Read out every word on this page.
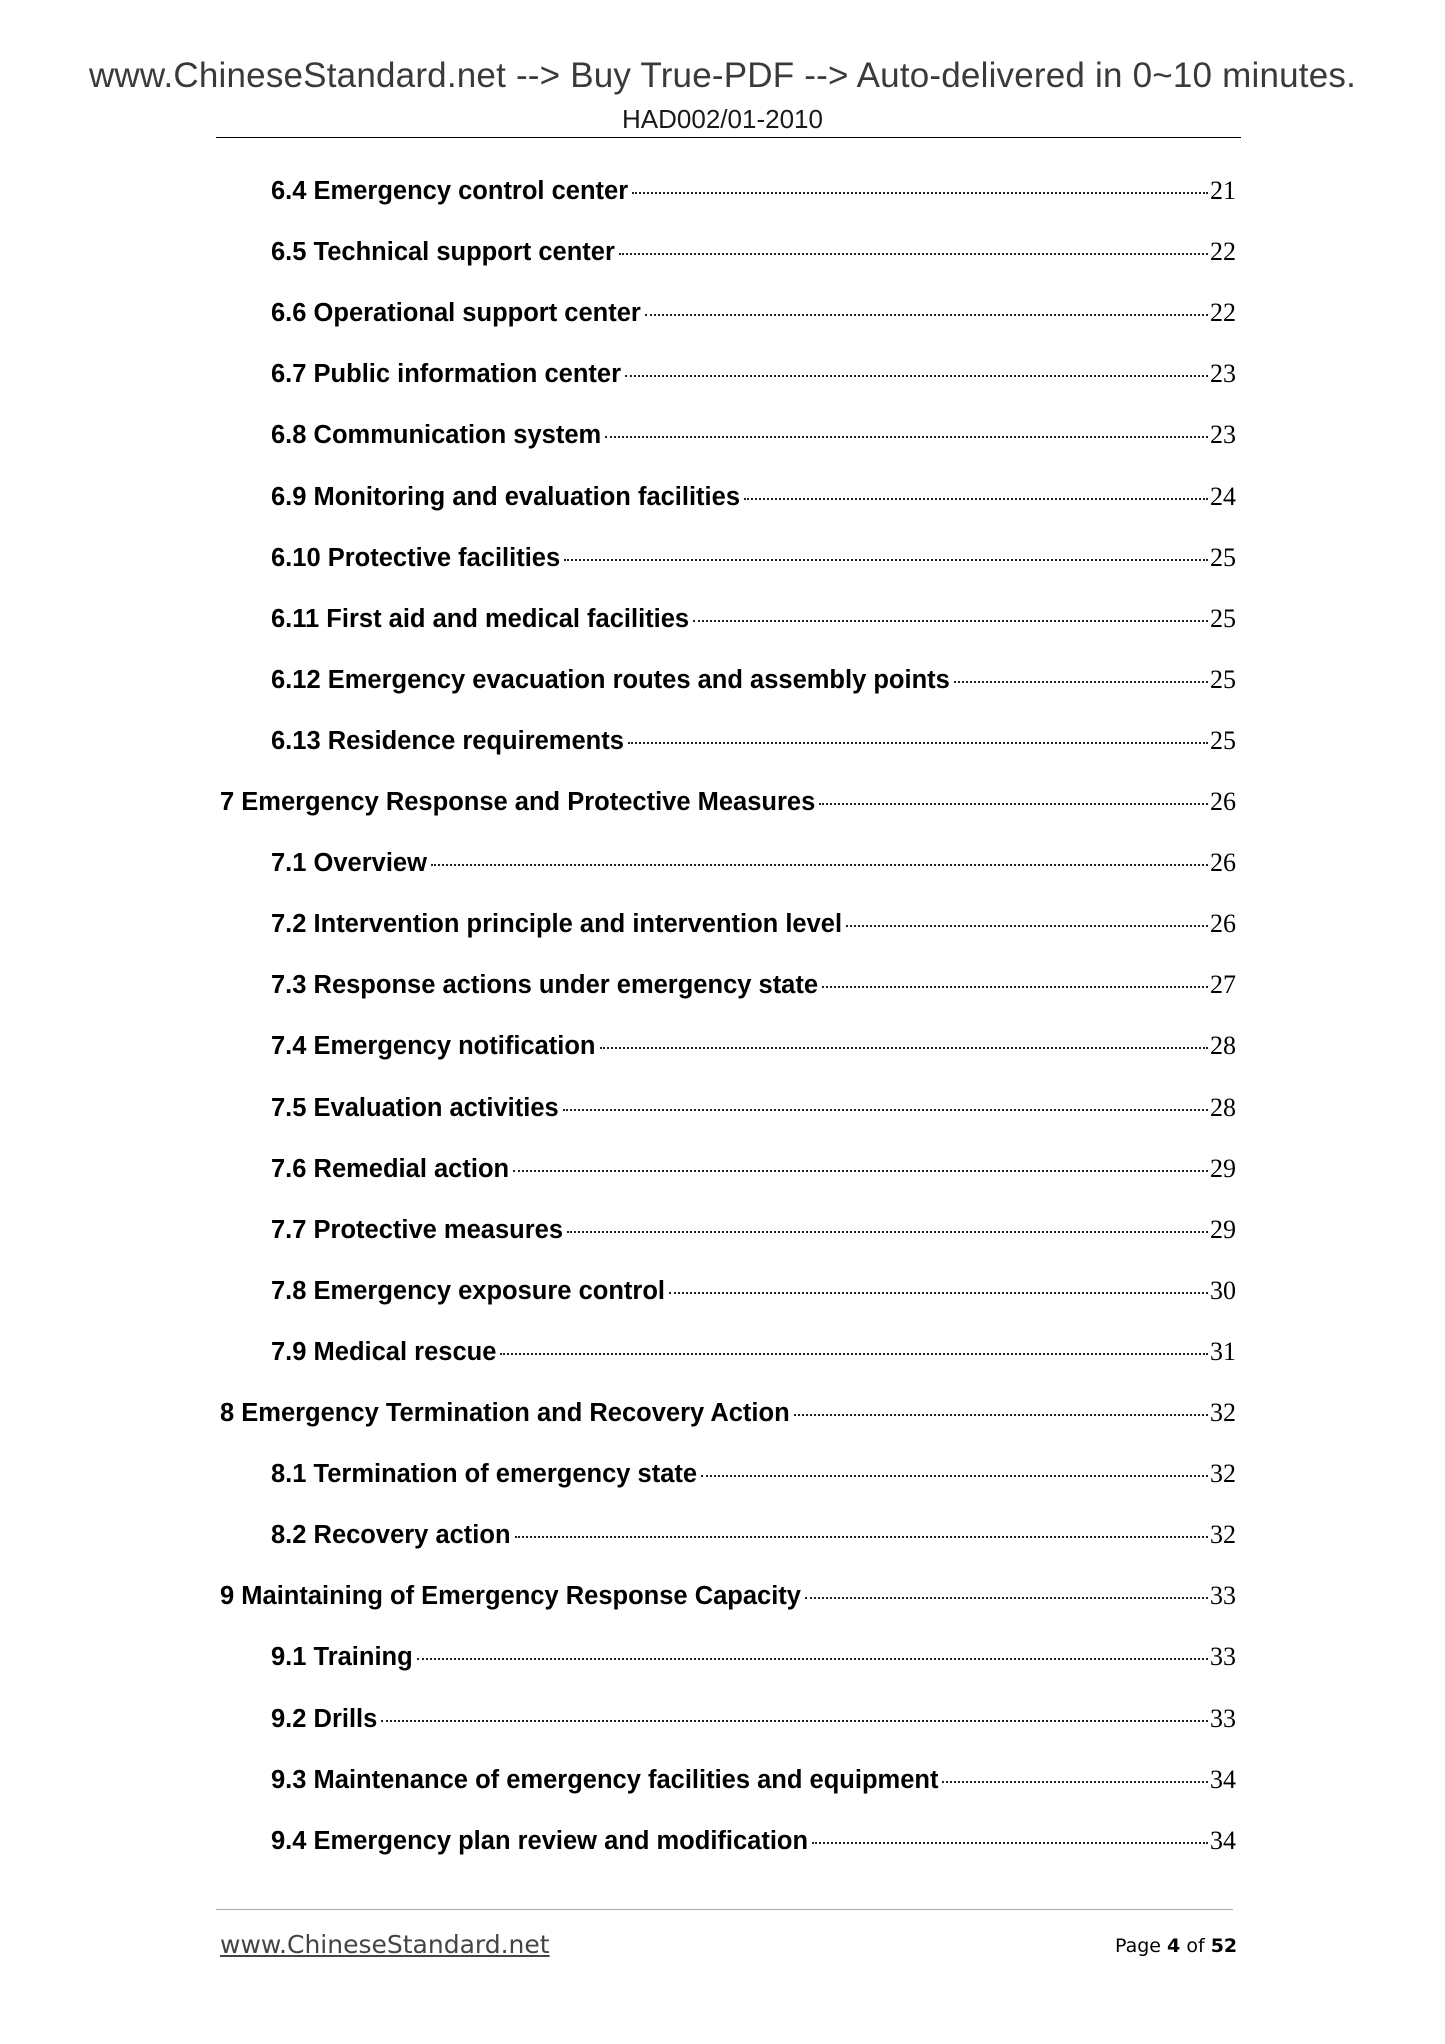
www.ChineseStandard.net --> Buy True-PDF --> Auto-delivered in 0~10 minutes.
HAD002/01-2010
6.4 Emergency control center	21
6.5 Technical support center	22
6.6 Operational support center	22
6.7 Public information center	23
6.8 Communication system	23
6.9 Monitoring and evaluation facilities	24
6.10 Protective facilities	25
6.11 First aid and medical facilities	25
6.12 Emergency evacuation routes and assembly points	25
6.13 Residence requirements	25
7 Emergency Response and Protective Measures	26
7.1 Overview	26
7.2 Intervention principle and intervention level	26
7.3 Response actions under emergency state	27
7.4 Emergency notification	28
7.5 Evaluation activities	28
7.6 Remedial action	29
7.7 Protective measures	29
7.8 Emergency exposure control	30
7.9 Medical rescue	31
8 Emergency Termination and Recovery Action	32
8.1 Termination of emergency state	32
8.2 Recovery action	32
9 Maintaining of Emergency Response Capacity	33
9.1 Training	33
9.2 Drills	33
9.3 Maintenance of emergency facilities and equipment	34
9.4 Emergency plan review and modification	34
www.ChineseStandard.net	Page 4 of 52
